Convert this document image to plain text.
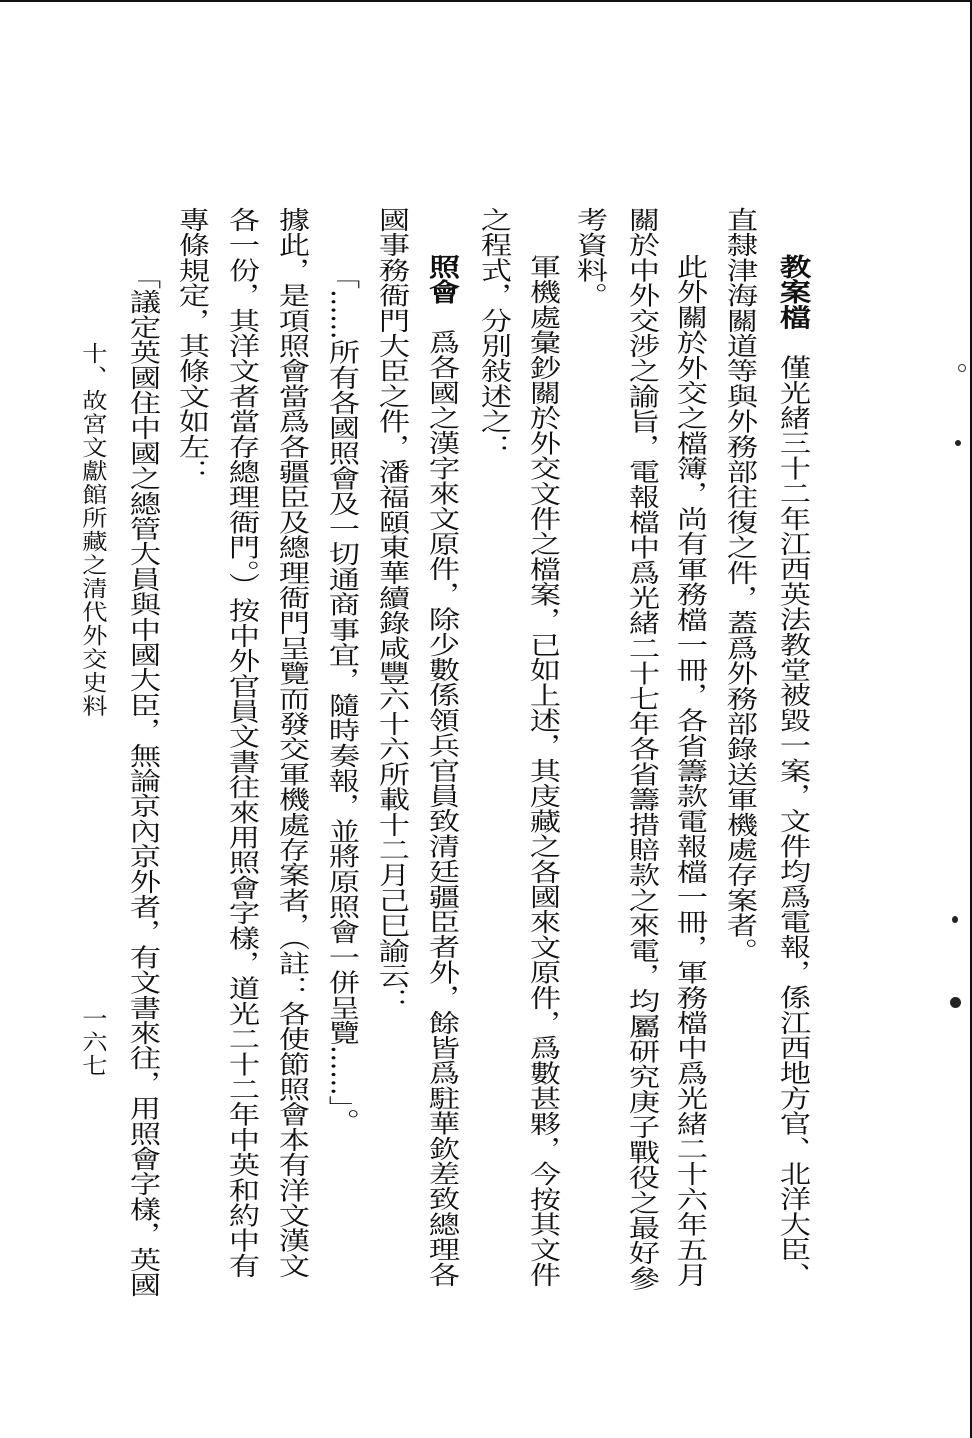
教案檔僅光緒三十二年江西英法教堂被毀一案，文件均爲電報，係江西地方官、北洋大臣、
直隸津海關道等與外務部往復之件，蓋爲外務部錄送軍機處存案者。
此外關於外交之檔簿，尚有軍務檔一冊，各省籌款電報檔一冊，軍務檔中爲光緒二十六年五月
關於中外交涉之諭旨，電報檔中爲光緒二十七年各省籌措賠款之來電，均屬研究庚子戰役之最好參
考資料。
軍機處彙鈔關於外交文件之檔案，已如上述，其庋藏之各國來文原件，爲數甚夥，今按其文件
之程式，分別敍述之：
照會爲各國之漢字來文原件，除少數係領兵官員致清廷疆臣者外，餘皆爲駐華欽差致總理各
國事務衙門大臣之件，潘福頤東華續錄咸豐六十六所載十二月己巳諭云：
「……所有各國照會及一切通商事宜，隨時奏報，並將原照會一併呈覽……」。
據此，是項照會當爲各疆臣及總理衙門呈覽而發交軍機處存案者，（註：各使節照會本有洋文漢文
各一份，其洋文者當存總理衙門。）按中外官員文書往來用照會字樣，道光二十二年中英和約中有
專條規定，其條文如左：
「議定英國住中國之總管大員與中國大臣，無論京內京外者，有文書來往，用照會字樣，英國
十、故宮文獻館所藏之清代外交史料
一六七
